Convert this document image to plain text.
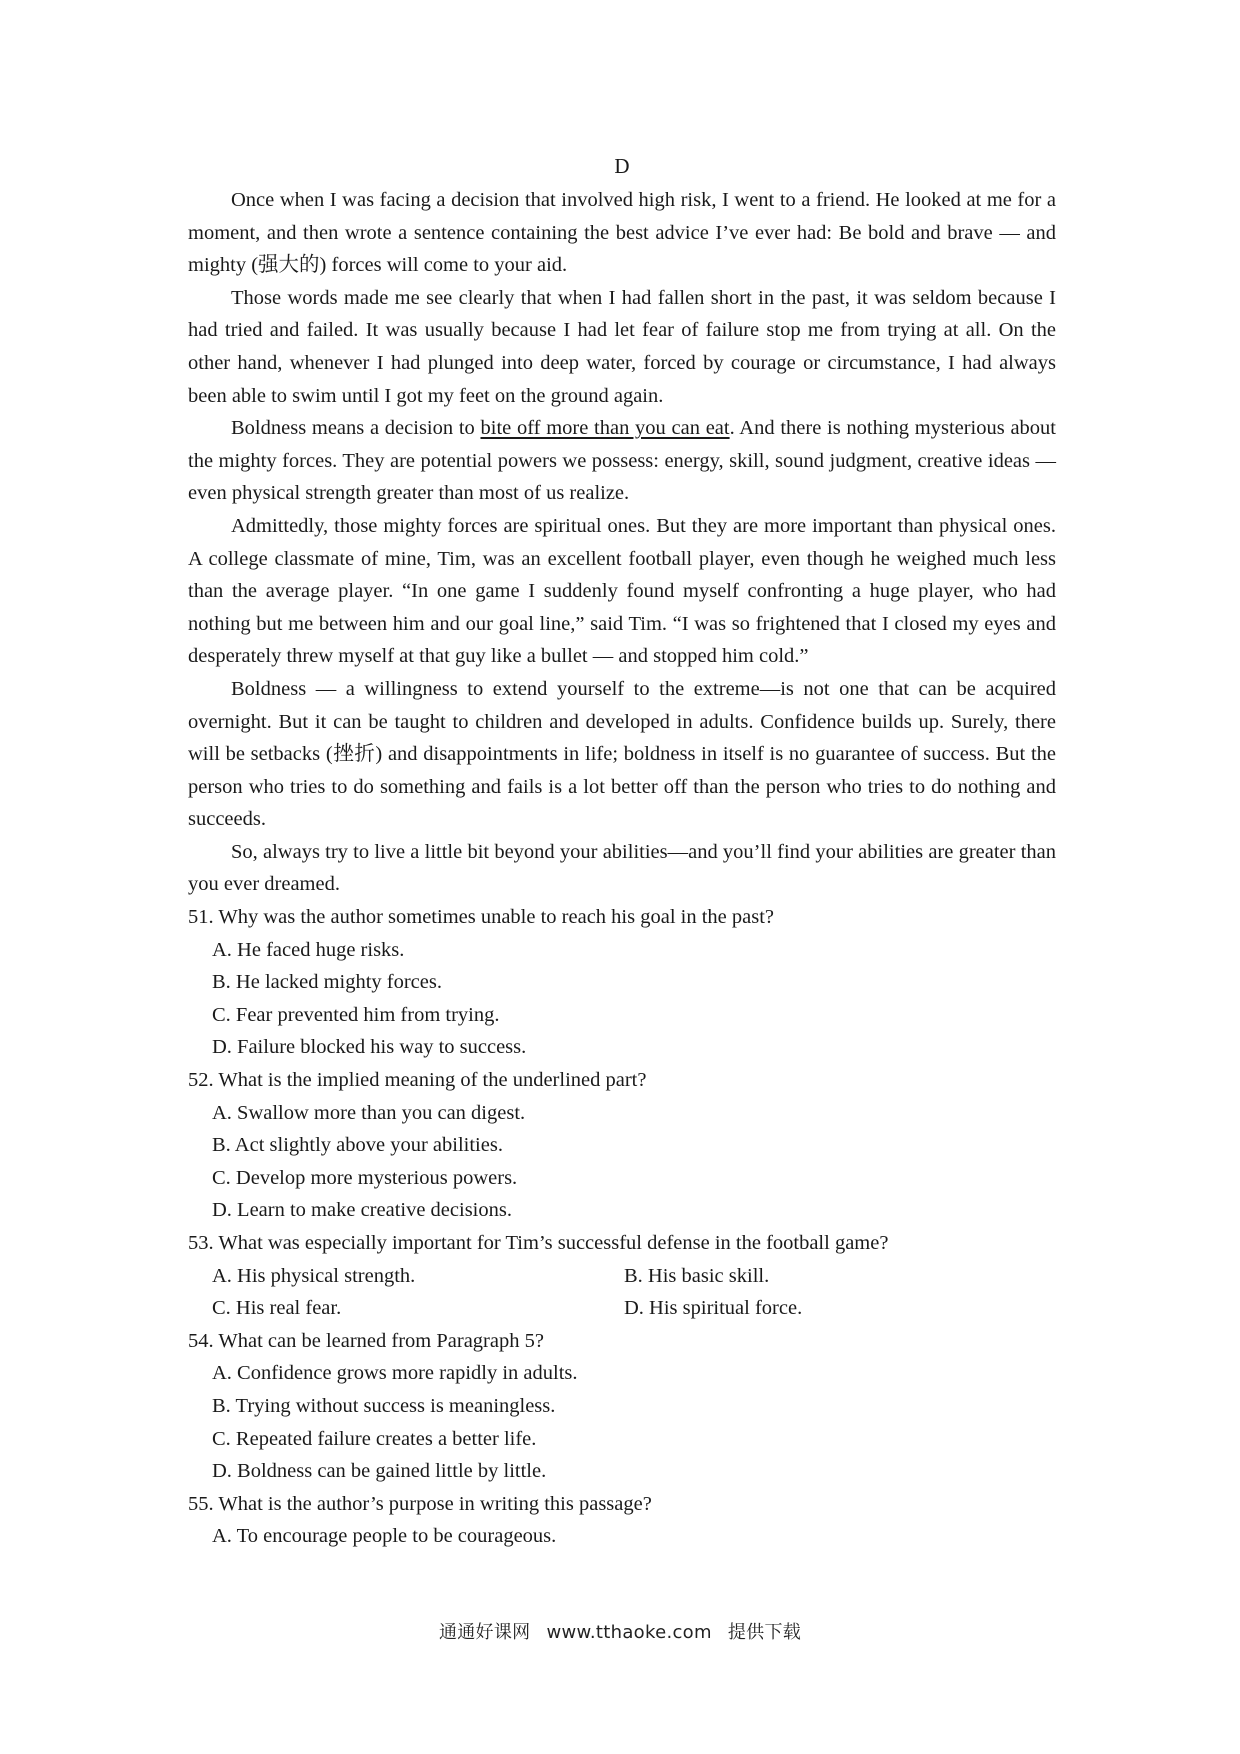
D

Once when I was facing a decision that involved high risk, I went to a friend. He looked at me for a moment, and then wrote a sentence containing the best advice I’ve ever had: Be bold and brave — and mighty (强大的) forces will come to your aid.

Those words made me see clearly that when I had fallen short in the past, it was seldom because I had tried and failed. It was usually because I had let fear of failure stop me from trying at all. On the other hand, whenever I had plunged into deep water, forced by courage or circumstance, I had always been able to swim until I got my feet on the ground again.

Boldness means a decision to bite off more than you can eat. And there is nothing mysterious about the mighty forces. They are potential powers we possess: energy, skill, sound judgment, creative ideas — even physical strength greater than most of us realize.

Admittedly, those mighty forces are spiritual ones. But they are more important than physical ones. A college classmate of mine, Tim, was an excellent football player, even though he weighed much less than the average player. “In one game I suddenly found myself confronting a huge player, who had nothing but me between him and our goal line,” said Tim. “I was so frightened that I closed my eyes and desperately threw myself at that guy like a bullet — and stopped him cold.”

Boldness — a willingness to extend yourself to the extreme—is not one that can be acquired overnight. But it can be taught to children and developed in adults. Confidence builds up. Surely, there will be setbacks (挫折) and disappointments in life; boldness in itself is no guarantee of success. But the person who tries to do something and fails is a lot better off than the person who tries to do nothing and succeeds.

So, always try to live a little bit beyond your abilities—and you’ll find your abilities are greater than you ever dreamed.

51. Why was the author sometimes unable to reach his goal in the past?

A. He faced huge risks.

B. He lacked mighty forces.

C. Fear prevented him from trying.

D. Failure blocked his way to success.

52. What is the implied meaning of the underlined part?

A. Swallow more than you can digest.

B. Act slightly above your abilities.

C. Develop more mysterious powers.

D. Learn to make creative decisions.

53. What was especially important for Tim’s successful defense in the football game?

A. His physical strength.	B. His basic skill.

C. His real fear.	D. His spiritual force.

54. What can be learned from Paragraph 5?

A. Confidence grows more rapidly in adults.

B. Trying without success is meaningless.

C. Repeated failure creates a better life.

D. Boldness can be gained little by little.

55. What is the author’s purpose in writing this passage?

A. To encourage people to be courageous.

通通好课网 www.tthaoke.com 提供下载
